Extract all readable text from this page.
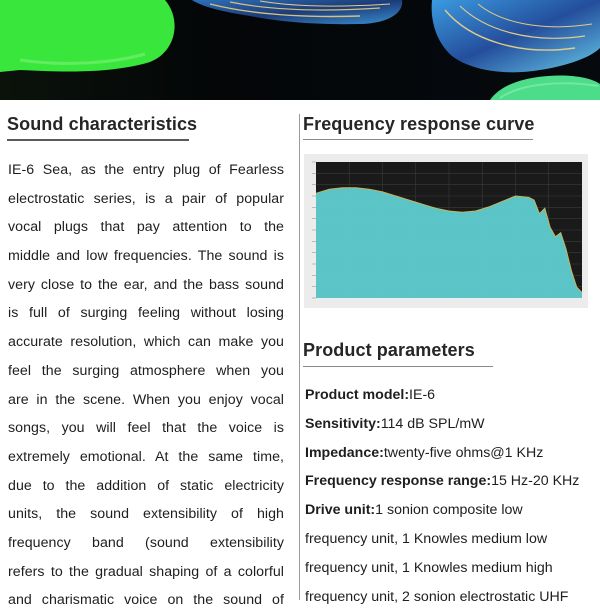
Sound characteristics
IE-6 Sea, as the entry plug of Fearless
electrostatic series, is a pair of popular
vocal plugs that pay attention to the
middle and low frequencies. The sound is
very close to the ear, and the bass sound
is full of surging feeling without losing
accurate resolution, which can make you
feel the surging atmosphere when you
are in the scene. When you enjoy vocal
songs, you will feel that the voice is
extremely emotional. At the same time,
due to the addition of static electricity
units, the sound extensibility of high
frequency band (sound extensibility
refers to the gradual shaping of a colorful
and charismatic voice on the sound of
Frequency response curve
Product parameters
Product model:IE-6
Sensitivity:114 dB SPL/mW
Impedance:twenty-five ohms@1 KHz
Frequency response range:15 Hz-20 KHz
Drive unit:1 sonion composite low
frequency unit, 1 Knowles medium low
frequency unit, 1 Knowles medium high
frequency unit, 2 sonion electrostatic UHF
